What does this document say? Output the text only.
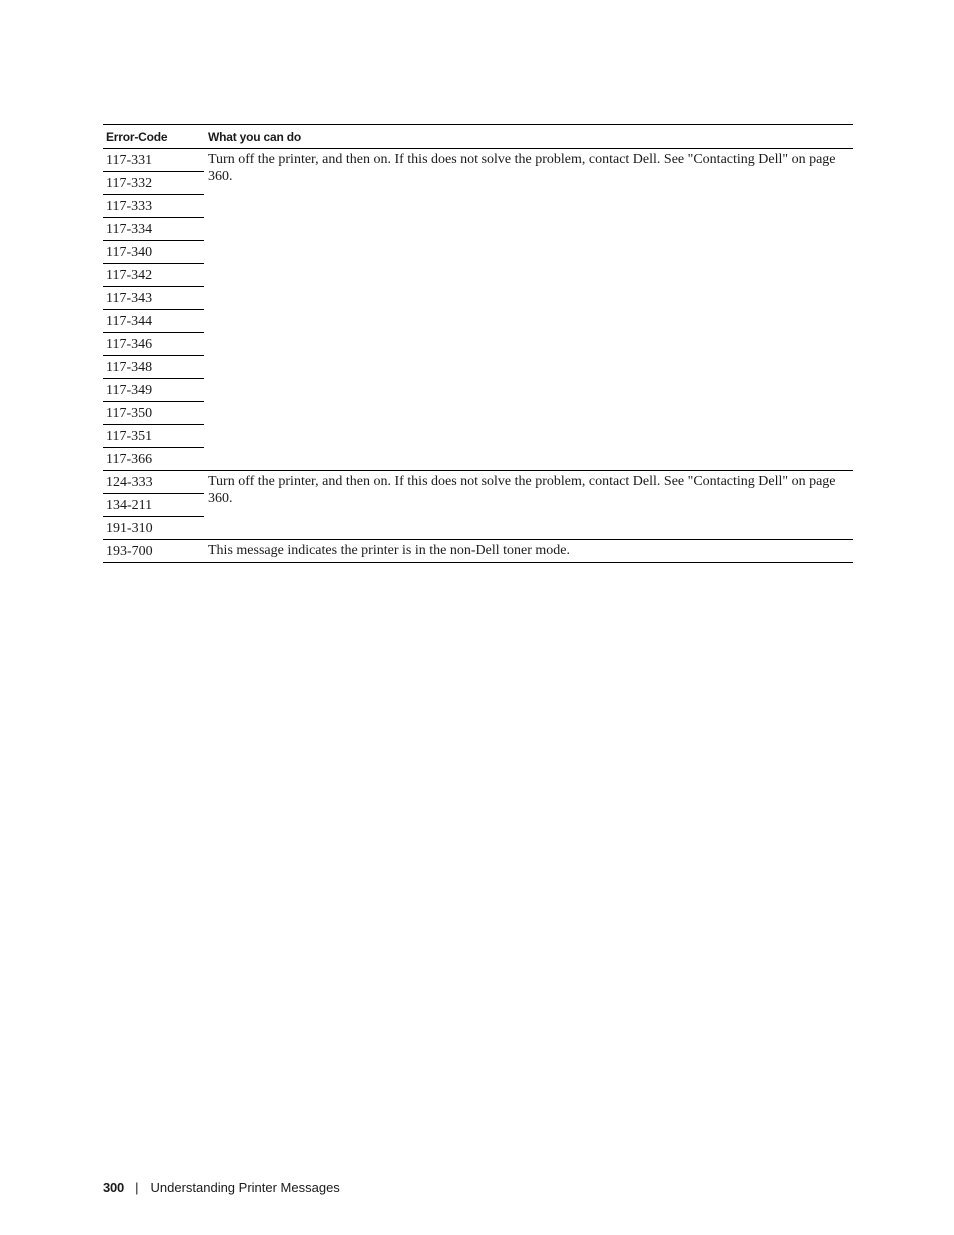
Error-Code	What you can do
117-331	Turn off the printer, and then on. If this does not solve the problem, contact Dell. See "Contacting Dell" on page 360.
117-332	
117-333	
117-334	
117-340	
117-342	
117-343	
117-344	
117-346	
117-348	
117-349	
117-350	
117-351	
117-366	
124-333	Turn off the printer, and then on. If this does not solve the problem, contact Dell. See "Contacting Dell" on page 360.
134-211	
191-310	
193-700	This message indicates the printer is in the non-Dell toner mode.
300 | Understanding Printer Messages
